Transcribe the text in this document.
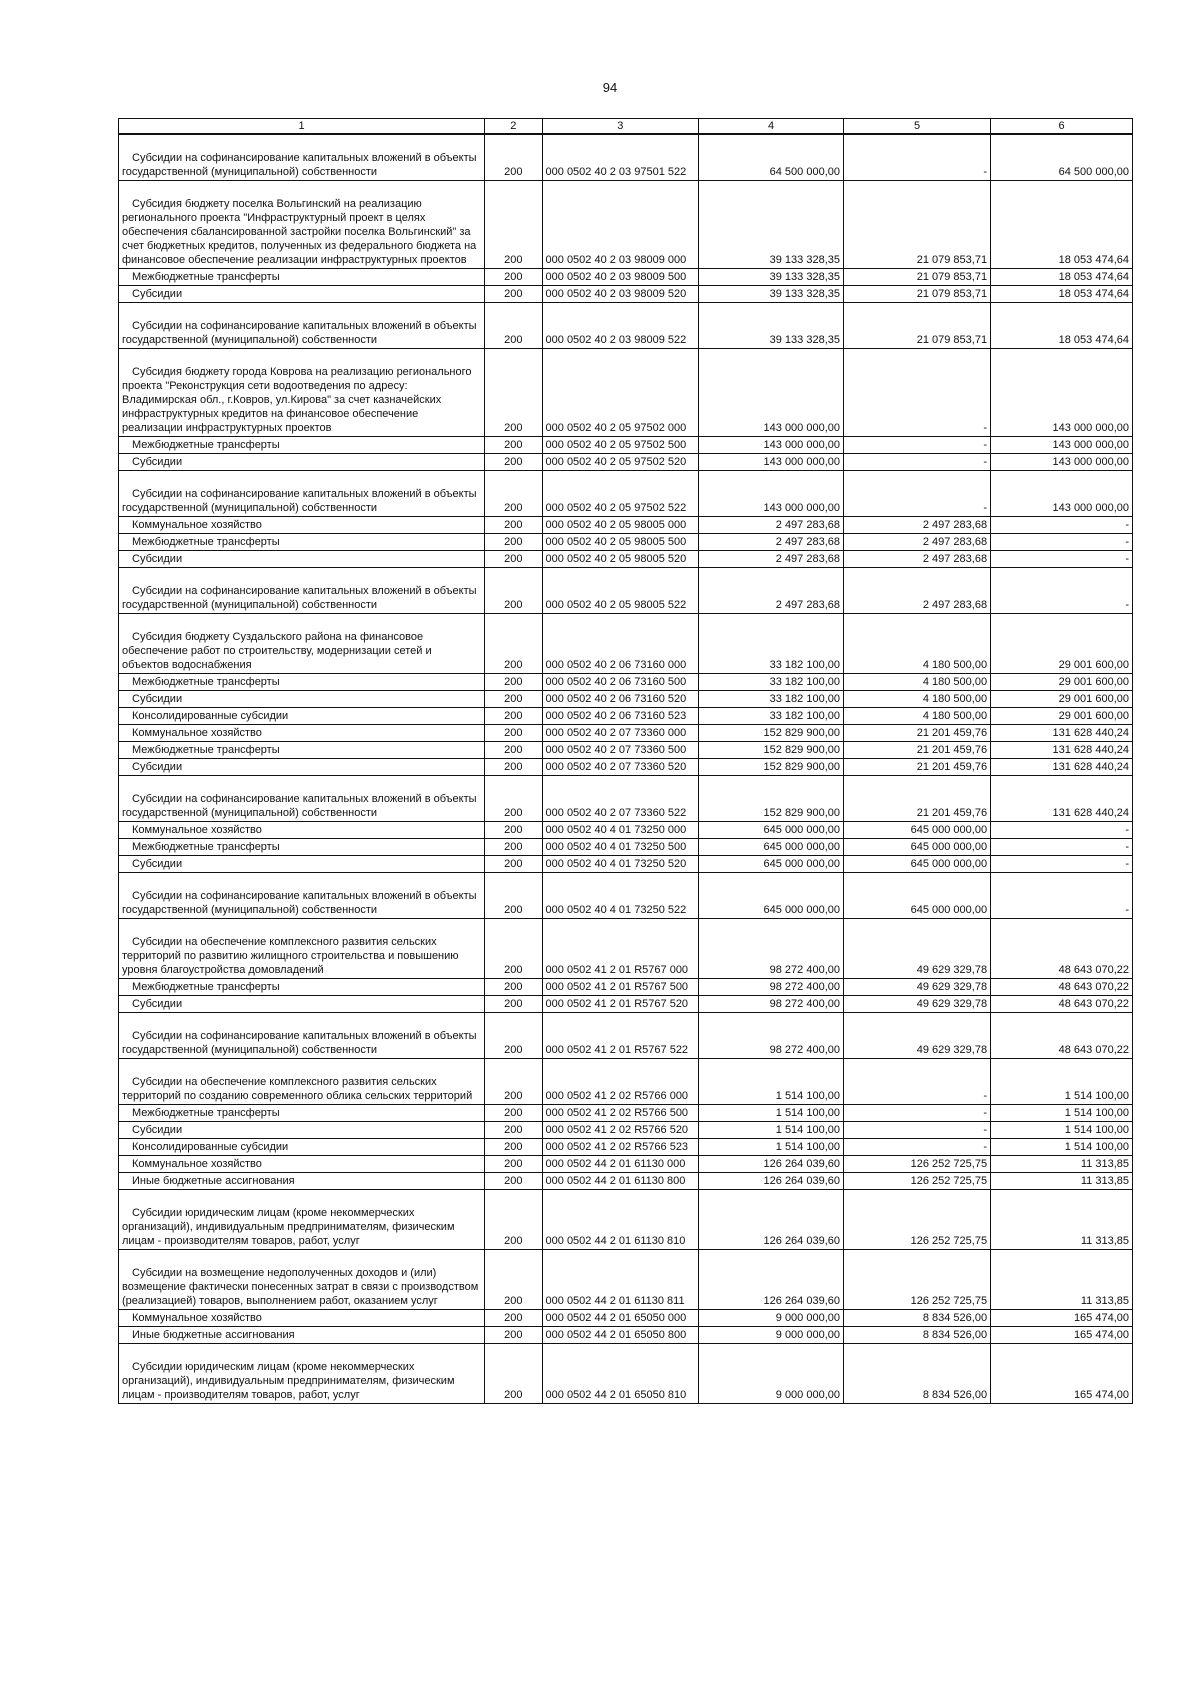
94
1	2	3	4	5	6
Субсидии на софинансирование капитальных вложений в объекты государственной (муниципальной) собственности	200	000 0502 40 2 03 97501 522	64 500 000,00	-	64 500 000,00
Субсидия бюджету поселка Вольгинский на реализацию регионального проекта "Инфраструктурный проект в целях обеспечения сбалансированной застройки поселка Вольгинский" за счет бюджетных кредитов, полученных из федерального бюджета на финансовое обеспечение реализации инфраструктурных проектов	200	000 0502 40 2 03 98009 000	39 133 328,35	21 079 853,71	18 053 474,64
Межбюджетные трансферты	200	000 0502 40 2 03 98009 500	39 133 328,35	21 079 853,71	18 053 474,64
Субсидии	200	000 0502 40 2 03 98009 520	39 133 328,35	21 079 853,71	18 053 474,64
Субсидии на софинансирование капитальных вложений в объекты государственной (муниципальной) собственности	200	000 0502 40 2 03 98009 522	39 133 328,35	21 079 853,71	18 053 474,64
Субсидия бюджету города Коврова на реализацию регионального проекта "Реконструкция сети водоотведения по адресу: Владимирская обл., г.Ковров, ул.Кирова" за счет казначейских инфраструктурных кредитов на финансовое обеспечение реализации инфраструктурных проектов	200	000 0502 40 2 05 97502 000	143 000 000,00	-	143 000 000,00
Межбюджетные трансферты	200	000 0502 40 2 05 97502 500	143 000 000,00	-	143 000 000,00
Субсидии	200	000 0502 40 2 05 97502 520	143 000 000,00	-	143 000 000,00
Субсидии на софинансирование капитальных вложений в объекты государственной (муниципальной) собственности	200	000 0502 40 2 05 97502 522	143 000 000,00	-	143 000 000,00
Коммунальное хозяйство	200	000 0502 40 2 05 98005 000	2 497 283,68	2 497 283,68	-
Межбюджетные трансферты	200	000 0502 40 2 05 98005 500	2 497 283,68	2 497 283,68	-
Субсидии	200	000 0502 40 2 05 98005 520	2 497 283,68	2 497 283,68	-
Субсидии на софинансирование капитальных вложений в объекты государственной (муниципальной) собственности	200	000 0502 40 2 05 98005 522	2 497 283,68	2 497 283,68	-
Субсидия бюджету Суздальского района на финансовое обеспечение работ по строительству, модернизации сетей и объектов водоснабжения	200	000 0502 40 2 06 73160 000	33 182 100,00	4 180 500,00	29 001 600,00
Межбюджетные трансферты	200	000 0502 40 2 06 73160 500	33 182 100,00	4 180 500,00	29 001 600,00
Субсидии	200	000 0502 40 2 06 73160 520	33 182 100,00	4 180 500,00	29 001 600,00
Консолидированные субсидии	200	000 0502 40 2 06 73160 523	33 182 100,00	4 180 500,00	29 001 600,00
Коммунальное хозяйство	200	000 0502 40 2 07 73360 000	152 829 900,00	21 201 459,76	131 628 440,24
Межбюджетные трансферты	200	000 0502 40 2 07 73360 500	152 829 900,00	21 201 459,76	131 628 440,24
Субсидии	200	000 0502 40 2 07 73360 520	152 829 900,00	21 201 459,76	131 628 440,24
Субсидии на софинансирование капитальных вложений в объекты государственной (муниципальной) собственности	200	000 0502 40 2 07 73360 522	152 829 900,00	21 201 459,76	131 628 440,24
Коммунальное хозяйство	200	000 0502 40 4 01 73250 000	645 000 000,00	645 000 000,00	-
Межбюджетные трансферты	200	000 0502 40 4 01 73250 500	645 000 000,00	645 000 000,00	-
Субсидии	200	000 0502 40 4 01 73250 520	645 000 000,00	645 000 000,00	-
Субсидии на софинансирование капитальных вложений в объекты государственной (муниципальной) собственности	200	000 0502 40 4 01 73250 522	645 000 000,00	645 000 000,00	-
Субсидии на обеспечение комплексного развития сельских территорий по развитию жилищного строительства и повышению уровня благоустройства домовладений	200	000 0502 41 2 01 R5767 000	98 272 400,00	49 629 329,78	48 643 070,22
Межбюджетные трансферты	200	000 0502 41 2 01 R5767 500	98 272 400,00	49 629 329,78	48 643 070,22
Субсидии	200	000 0502 41 2 01 R5767 520	98 272 400,00	49 629 329,78	48 643 070,22
Субсидии на софинансирование капитальных вложений в объекты государственной (муниципальной) собственности	200	000 0502 41 2 01 R5767 522	98 272 400,00	49 629 329,78	48 643 070,22
Субсидии на обеспечение комплексного развития сельских территорий по созданию современного облика сельских территорий	200	000 0502 41 2 02 R5766 000	1 514 100,00	-	1 514 100,00
Межбюджетные трансферты	200	000 0502 41 2 02 R5766 500	1 514 100,00	-	1 514 100,00
Субсидии	200	000 0502 41 2 02 R5766 520	1 514 100,00	-	1 514 100,00
Консолидированные субсидии	200	000 0502 41 2 02 R5766 523	1 514 100,00	-	1 514 100,00
Коммунальное хозяйство	200	000 0502 44 2 01 61130 000	126 264 039,60	126 252 725,75	11 313,85
Иные бюджетные ассигнования	200	000 0502 44 2 01 61130 800	126 264 039,60	126 252 725,75	11 313,85
Субсидии юридическим лицам (кроме некоммерческих организаций), индивидуальным предпринимателям, физическим лицам - производителям товаров, работ, услуг	200	000 0502 44 2 01 61130 810	126 264 039,60	126 252 725,75	11 313,85
Субсидии на возмещение недополученных доходов и (или) возмещение фактически понесенных затрат в связи с производством (реализацией) товаров, выполнением работ, оказанием услуг	200	000 0502 44 2 01 61130 811	126 264 039,60	126 252 725,75	11 313,85
Коммунальное хозяйство	200	000 0502 44 2 01 65050 000	9 000 000,00	8 834 526,00	165 474,00
Иные бюджетные ассигнования	200	000 0502 44 2 01 65050 800	9 000 000,00	8 834 526,00	165 474,00
Субсидии юридическим лицам (кроме некоммерческих организаций), индивидуальным предпринимателям, физическим лицам - производителям товаров, работ, услуг	200	000 0502 44 2 01 65050 810	9 000 000,00	8 834 526,00	165 474,00
